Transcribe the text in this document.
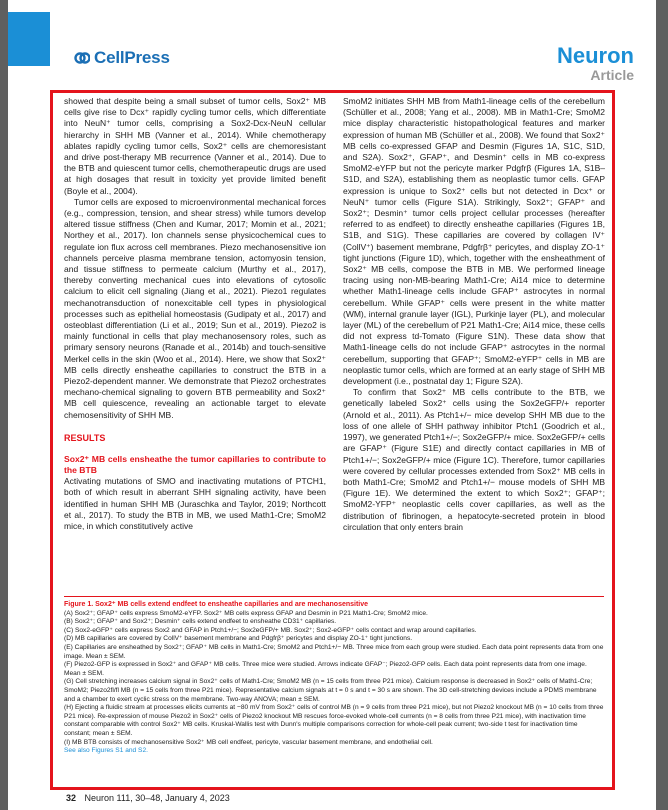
CellPress	Neuron
Article

showed that despite being a small subset of tumor cells, Sox2⁺ MB cells give rise to Dcx⁺ rapidly cycling tumor cells, which differentiate into NeuN⁺ tumor cells, comprising a Sox2-Dcx-NeuN cellular hierarchy in SHH MB (Vanner et al., 2014). While chemotherapy ablates rapidly cycling tumor cells, Sox2⁺ cells are chemoresistant and drive post-therapy MB recurrence (Vanner et al., 2014). Due to the BTB and quiescent tumor cells, chemotherapeutic drugs are used at high dosages that result in toxicity yet provide limited benefit (Boyle et al., 2004).

Tumor cells are exposed to microenvironmental mechanical forces (e.g., compression, tension, and shear stress) while tumors develop altered tissue stiffness (Chen and Kumar, 2017; Momin et al., 2021; Northey et al., 2017). Ion channels sense physicochemical cues to regulate ion flux across cell membranes. Piezo mechanosensitive ion channels perceive plasma membrane tension, actomyosin tension, and tissue stiffness to permeate calcium (Murthy et al., 2017), thereby converting mechanical cues into elevations of cytosolic calcium to elicit cell signaling (Jiang et al., 2021). Piezo1 regulates mechanotransduction of nonexcitable cell types in physiological processes such as epithelial homeostasis (Gudipaty et al., 2017) and osteoblast differentiation (Li et al., 2019; Sun et al., 2019). Piezo2 is mainly functional in cells that play mechanosensory roles, such as primary sensory neurons (Ranade et al., 2014b) and touch-sensitive Merkel cells in the skin (Woo et al., 2014). Here, we show that Sox2⁺ MB cells directly ensheathe capillaries to construct the BTB in a Piezo2-dependent manner. We demonstrate that Piezo2 orchestrates mechano-chemical signaling to govern BTB permeability and Sox2⁺ MB cell quiescence, revealing an actionable target to elevate chemosensitivity of SHH MB.

RESULTS
Sox2⁺ MB cells ensheathe the tumor capillaries to contribute to the BTB

Activating mutations of SMO and inactivating mutations of PTCH1, both of which result in aberrant SHH signaling activity, have been identified in human SHH MB (Juraschka and Taylor, 2019; Northcott et al., 2017). To study the BTB in MB, we used Math1-Cre; SmoM2 mice, in which constitutively active

SmoM2 initiates SHH MB from Math1-lineage cells of the cerebellum (Schüller et al., 2008; Yang et al., 2008). MB in Math1-Cre; SmoM2 mice display characteristic histopathological features and marker expression of human MB (Schüller et al., 2008). We found that Sox2⁺ MB cells co-expressed GFAP and Desmin (Figures 1A, S1C, S1D, and S2A). Sox2⁺, GFAP⁺, and Desmin⁺ cells in MB co-express SmoM2-eYFP but not the pericyte marker Pdgfrβ (Figures 1A, S1B–S1D, and S2A), establishing them as neoplastic tumor cells. GFAP expression is unique to Sox2⁺ cells but not detected in Dcx⁺ or NeuN⁺ tumor cells (Figure S1A). Strikingly, Sox2⁺; GFAP⁺ and Sox2⁺; Desmin⁺ tumor cells project cellular processes (hereafter referred to as endfeet) to directly ensheathe capillaries (Figures 1B, S1B, and S1G). These capillaries are covered by collagen IV⁺ (CollV⁺) basement membrane, Pdgfrβ⁺ pericytes, and display ZO-1⁺ tight junctions (Figure 1D), which, together with the ensheathment of Sox2⁺ MB cells, compose the BTB in MB. We performed lineage tracing using non-MB-bearing Math1-Cre; Ai14 mice to determine whether Math1-lineage cells include GFAP⁺ astrocytes in normal cerebellum. While GFAP⁺ cells were present in the white matter (WM), internal granule layer (IGL), Purkinje layer (PL), and molecular layer (ML) of the cerebellum of P21 Math1-Cre; Ai14 mice, these cells did not express td-Tomato (Figure S1N). These data show that Math1-lineage cells do not include GFAP⁺ astrocytes in the normal cerebellum, supporting that GFAP⁺; SmoM2-eYFP⁺ cells in MB are neoplastic tumor cells, which are formed at an early stage of SHH MB development (i.e., postnatal day 1; Figure S2A).

To confirm that Sox2⁺ MB cells contribute to the BTB, we genetically labeled Sox2⁺ cells using the Sox2eGFP/+ reporter (Arnold et al., 2011). As Ptch1+/− mice develop SHH MB due to the loss of one allele of SHH pathway inhibitor Ptch1 (Goodrich et al., 1997), we generated Ptch1+/−; Sox2eGFP/+ mice. Sox2eGFP/+ cells are GFAP⁺ (Figure S1E) and directly contact capillaries in MB of Ptch1+/−; Sox2eGFP/+ mice (Figure 1C). Therefore, tumor capillaries were covered by cellular processes extended from Sox2⁺ MB cells in both Math1-Cre; SmoM2 and Ptch1+/− mouse models of SHH MB (Figure 1E). We determined the extent to which Sox2⁺; GFAP⁺; SmoM2-YFP⁺ neoplastic cells cover capillaries, as well as the distribution of fibrinogen, a hepatocyte-secreted protein in blood circulation that only enters brain

Figure 1. Sox2⁺ MB cells extend endfeet to ensheathe capillaries and are mechanosensitive
(A) Sox2⁺; GFAP⁺ cells express SmoM2-eYFP. Sox2⁺ MB cells express GFAP and Desmin in P21 Math1-Cre; SmoM2 mice.
(B) Sox2⁺; GFAP⁺ and Sox2⁺; Desmin⁺ cells extend endfeet to ensheathe CD31⁺ capillaries.
(C) Sox2-eGFP⁺ cells express Sox2 and GFAP in Ptch1+/−; Sox2eGFP/+ MB. Sox2⁺; Sox2-eGFP⁺ cells contact and wrap around capillaries.
(D) MB capillaries are covered by CollV⁺ basement membrane and Pdgfrβ⁺ pericytes and display ZO-1⁺ tight junctions.
(E) Capillaries are ensheathed by Sox2⁺; GFAP⁺ MB cells in Math1-Cre; SmoM2 and Ptch1+/− MB. Three mice from each group were studied. Each data point represents data from one image. Mean ± SEM.
(F) Piezo2-GFP is expressed in Sox2⁺ and GFAP⁺ MB cells. Three mice were studied. Arrows indicate GFAP⁻; Piezo2-GFP cells. Each data point represents data from one image. Mean ± SEM.
(G) Cell stretching increases calcium signal in Sox2⁺ cells of Math1-Cre; SmoM2 MB (n = 15 cells from three P21 mice). Calcium response is decreased in Sox2⁺ cells of Math1-Cre; SmoM2; Piezo2fl/fl MB (n = 15 cells from three P21 mice). Representative calcium signals at t = 0 s and t = 30 s are shown. The 3D cell-stretching devices include a PDMS membrane and a chamber to exert cyclic stress on the membrane. Two-way ANOVA; mean ± SEM.
(H) Ejecting a fluidic stream at processes elicits currents at −80 mV from Sox2⁺ cells of control MB (n = 9 cells from three P21 mice), but not Piezo2 knockout MB (n = 10 cells from three P21 mice). Re-expression of mouse Piezo2 in Sox2⁺ cells of Piezo2 knockout MB rescues force-evoked whole-cell currents (n = 8 cells from three P21 mice), with inactivation time constant comparable with control Sox2⁺ MB cells. Kruskal-Wallis test with Dunn's multiple comparisons correction for whole-cell peak current; two-side t test for inactivation time constant; mean ± SEM.
(I) MB BTB consists of mechanosensitive Sox2⁺ MB cell endfeet, pericyte, vascular basement membrane, and endothelial cell.
See also Figures S1 and S2.
32 Neuron 111, 30–48, January 4, 2023
